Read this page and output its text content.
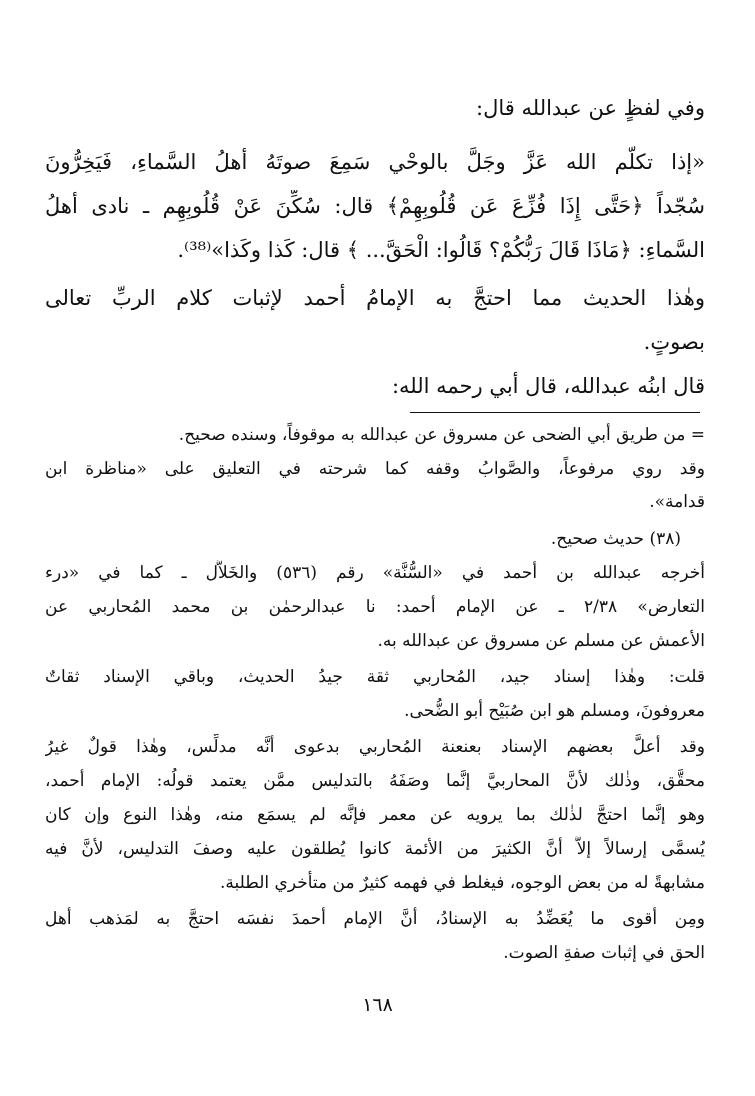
وفي لفظٍ عن عبدالله قال:
«إذا تكلَّم الله عَزَّ وجَلَّ بالوحْي سَمِعَ صوتَهُ أهلُ السَّماءِ، فَيَخِرُّونَ
سُجّداً ﴿حَتَّى إِذَا فُزِّعَ عَن قُلُوبِهِمْ﴾ قال: سُكِّنَ عَنْ قُلُوبِهِم ـ نادى أهلُ
السَّماءِ: ﴿مَاذَا قَالَ رَبُّكُمْ؟ قَالُوا: الْحَقَّ... ﴾ قال: كَذا وكَذا»⁽³⁸⁾.
وهٰذا الحديث مما احتجَّ به الإمامُ أحمد لإثبات كلام الربِّ تعالى
بصوتٍ.
قال ابنُه عبدالله، قال أبي رحمه الله:
= من طريق أبي الضحى عن مسروق عن عبدالله به موقوفاً، وسنده صحيح.
وقد روي مرفوعاً، والصَّوابُ وقفه كما شرحته في التعليق على «مناظرة ابن
قدامة».
(٣٨) حديث صحيح.
أخرجه عبدالله بن أحمد في «السُّنَّة» رقم (٥٣٦) والخَلاَّل ـ كما في «درء
التعارض» ٢/٣٨ ـ عن الإمام أحمد: نا عبدالرحمٰن بن محمد المُحاربي عن
الأعمش عن مسلم عن مسروق عن عبدالله به.
قلت: وهٰذا إسناد جيد، المُحاربي ثقة جيدُ الحديث، وباقي الإسناد ثقاتٌ
معروفونَ، ومسلم هو ابن صُبَيْح أبو الضُّحى.
وقد أعلَّ بعضهم الإسناد بعنعنة المُحاربي بدعوى أنَّه مدلِّس، وهٰذا قولٌ غيرُ
محقَّق، وذٰلك لأنَّ المحاربيَّ إنَّما وصَفَهُ بالتدليس ممَّن يعتمد قولُه: الإمام أحمد،
وهو إنَّما احتجَّ لذٰلك بما يرويه عن معمر فإنَّه لم يسمَع منه، وهٰذا النوع وإن كان
يُسمَّى إرسالاً إلاَّ أنَّ الكثيرَ من الأئمة كانوا يُطلقون عليه وصفَ التدليس، لأنَّ فيه
مشابهةً له من بعض الوجوه، فيغلط في فهمه كثيرٌ من متأخري الطلبة.
ومِن أقوى ما يُعَضِّدُ به الإسنادُ، أنَّ الإمام أحمدَ نفسَه احتجَّ به لمَذهب أهل
الحق في إثبات صفةِ الصوت.
١٦٨
